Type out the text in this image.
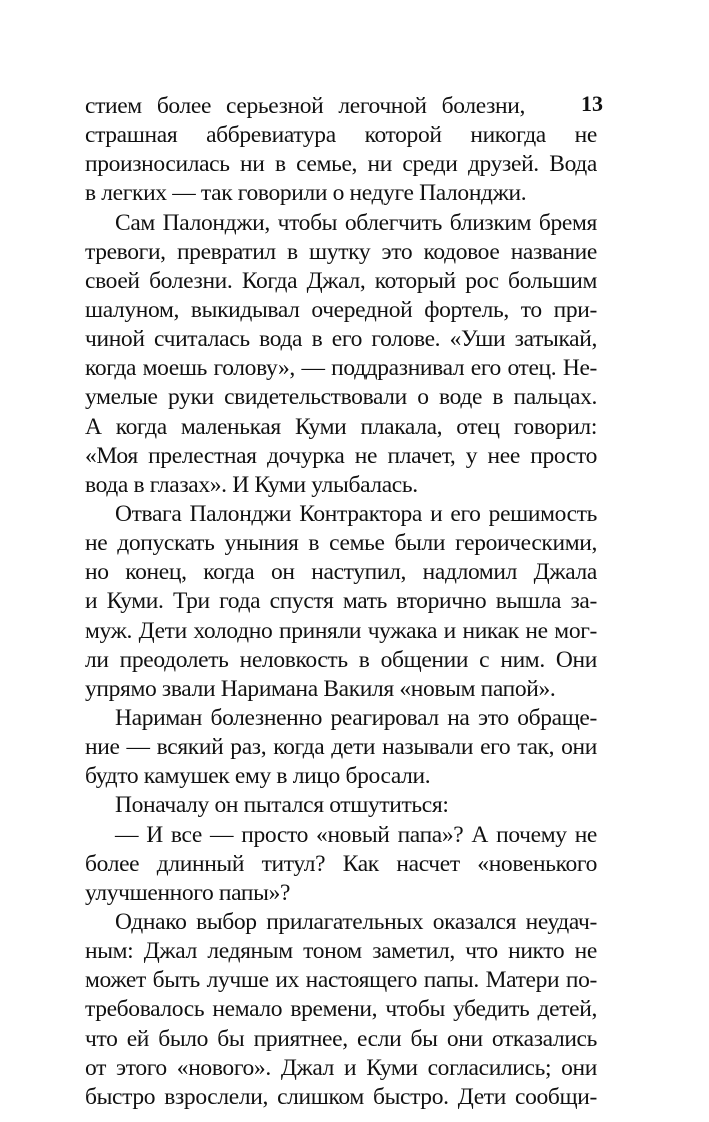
13
стием более серьезной легочной болезни,
страшная аббревиатура которой никогда не
произносилась ни в семье, ни среди друзей. Вода
в легких — так говорили о недуге Палонджи.
Сам Палонджи, чтобы облегчить близким бремя
тревоги, превратил в шутку это кодовое название
своей болезни. Когда Джал, который рос большим
шалуном, выкидывал очередной фортель, то при-
чиной считалась вода в его голове. «Уши затыкай,
когда моешь голову», — поддразнивал его отец. Не-
умелые руки свидетельствовали о воде в пальцах.
А когда маленькая Куми плакала, отец говорил:
«Моя прелестная дочурка не плачет, у нее просто
вода в глазах». И Куми улыбалась.
Отвага Палонджи Контрактора и его решимость
не допускать уныния в семье были героическими,
но конец, когда он наступил, надломил Джала
и Куми. Три года спустя мать вторично вышла за-
муж. Дети холодно приняли чужака и никак не мог-
ли преодолеть неловкость в общении с ним. Они
упрямо звали Наримана Вакиля «новым папой».
Нариман болезненно реагировал на это обраще-
ние — всякий раз, когда дети называли его так, они
будто камушек ему в лицо бросали.
Поначалу он пытался отшутиться:
— И все — просто «новый папа»? А почему не
более длинный титул? Как насчет «новенького
улучшенного папы»?
Однако выбор прилагательных оказался неудач-
ным: Джал ледяным тоном заметил, что никто не
может быть лучше их настоящего папы. Матери по-
требовалось немало времени, чтобы убедить детей,
что ей было бы приятнее, если бы они отказались
от этого «нового». Джал и Куми согласились; они
быстро взрослели, слишком быстро. Дети сообщи-
